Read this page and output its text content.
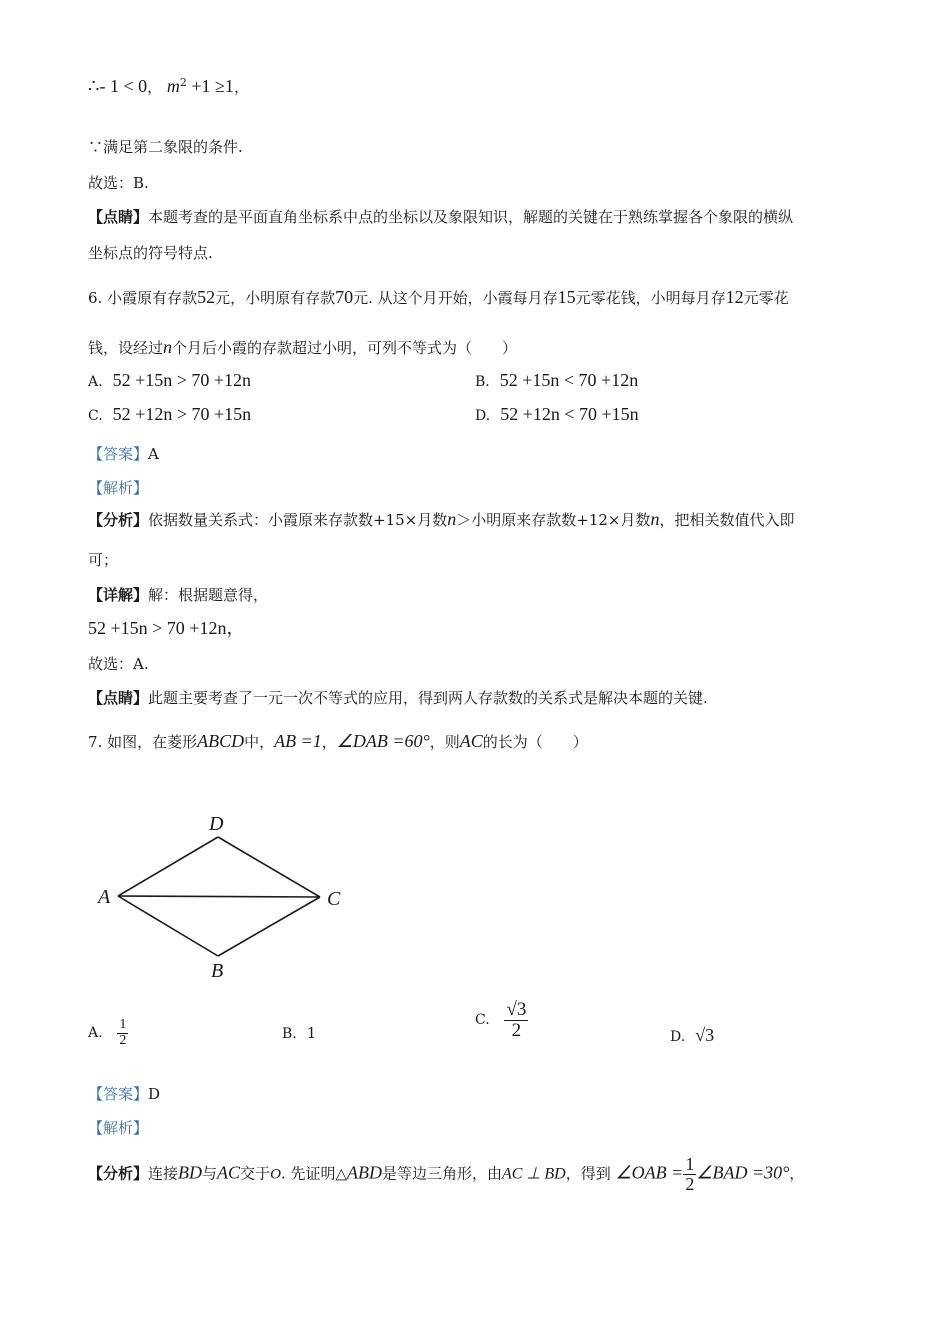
∴- 1 < 0， $m^2 +1 \ge 1$，
∵满足第二象限的条件.
故选：B.
【点睛】本题考查的是平面直角坐标系中点的坐标以及象限知识，解题的关键在于熟练掌握各个象限的横纵
坐标点的符号特点.
6. 小霞原有存款52元，小明原有存款70元. 从这个月开始，小霞每月存15元零花钱，小明每月存12元零花
钱，设经过n个月后小霞的存款超过小明，可列不等式为（　　）
A. 52 +15n > 70 +12n	B. 52 +15n < 70 +12n
C. 52 +12n > 70 +15n	D. 52 +12n < 70 +15n
【答案】A
【解析】
【分析】依据数量关系式：小霞原来存款数+15×月数n＞小明原来存款数+12×月数n，把相关数值代入即
可；
【详解】解：根据题意得，
52 +15n > 70 +12n，
故选：A.
【点睛】此题主要考查了一元一次不等式的应用，得到两人存款数的关系式是解决本题的关键.
7. 如图，在菱形ABCD中，AB =1，∠DAB =60°，则AC的长为（　　）
D
A	C
B
A. $\frac{1}{2}$	B. 1
C. $\frac{√3}{2}$	D. √3
【答案】D
【解析】
【分析】连接BD与AC交于O. 先证明△ABD是等边三角形，由AC ⊥ BD，得到 ∠OAB = $\frac{1}{2}$ ∠BAD =30°，
